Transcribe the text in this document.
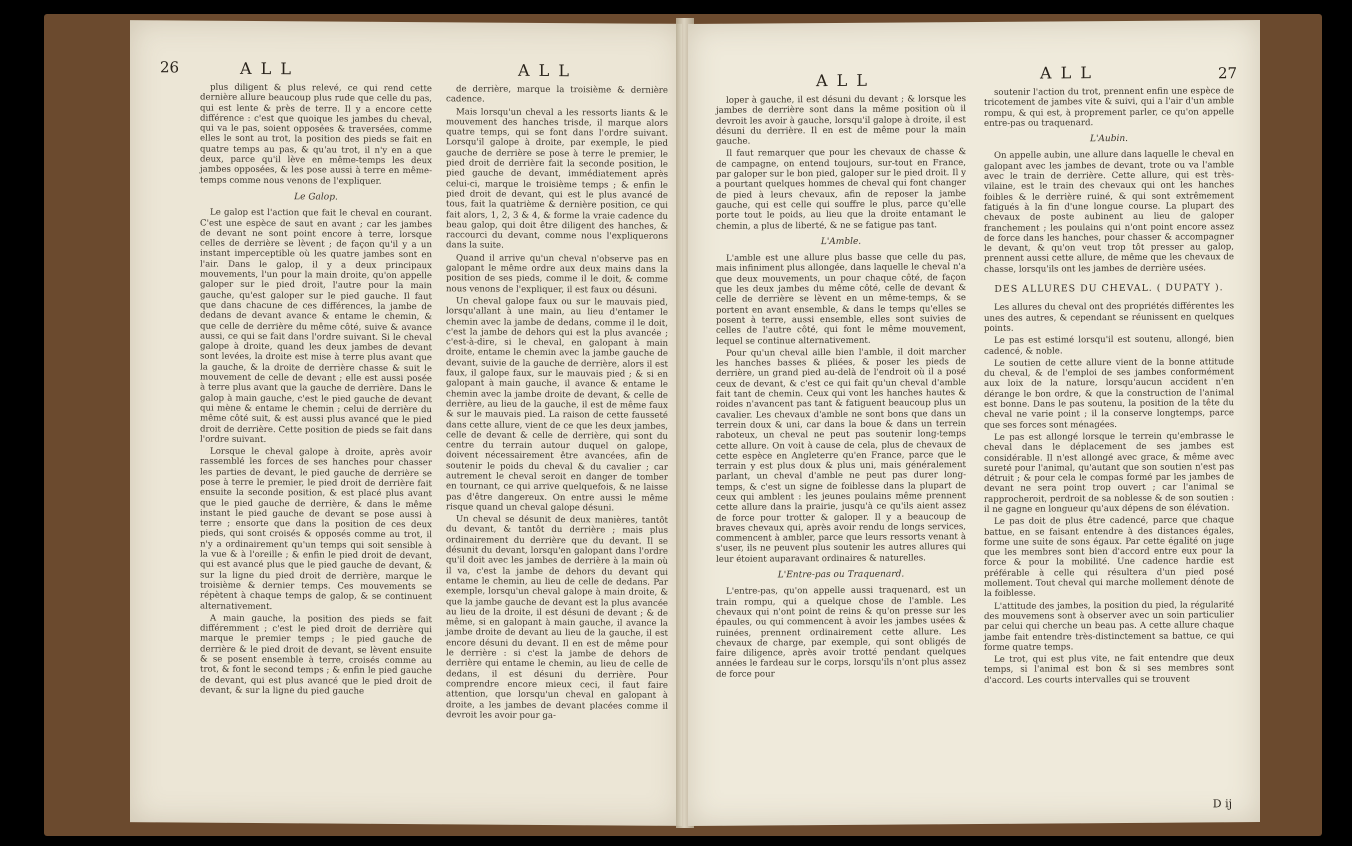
26	A L L	A L L

plus diligent & plus relevé, ce qui rend cette dernière allure beaucoup plus rude que celle du pas, qui est lente & près de terre. Il y a encore cette différence : c'est que quoique les jambes du cheval, qui va le pas, soient opposées & traversées, comme elles le sont au trot, la position des pieds se fait en quatre temps au pas, & qu'au trot, il n'y en a que deux, parce qu'il lève en même-temps les deux jambes opposées, & les pose aussi à terre en même-temps comme nous venons de l'expliquer.

Le Galop.

Le galop est l'action que fait le cheval en courant. C'est une espèce de saut en avant ; car les jambes de devant ne sont point encore à terre, lorsque celles de derrière se lèvent ; de façon qu'il y a un instant imperceptible où les quatre jambes sont en l'air. Dans le galop, il y a deux principaux mouvements, l'un pour la main droite, qu'on appelle galoper sur le pied droit, l'autre pour la main gauche, qu'est galoper sur le pied gauche. Il faut que dans chacune de ces différences, la jambe de dedans de devant avance & entame le chemin, & que celle de derrière du même côté, suive & avance aussi, ce qui se fait dans l'ordre suivant. Si le cheval galope à droite, quand les deux jambes de devant sont levées, la droite est mise à terre plus avant que la gauche, & la droite de derrière chasse & suit le mouvement de celle de devant ; elle est aussi posée à terre plus avant que la gauche de derrière. Dans le galop à main gauche, c'est le pied gauche de devant qui mène & entame le chemin ; celui de derrière du même côté suit, & est aussi plus avancé que le pied droit de derrière. Cette position de pieds se fait dans l'ordre suivant.

Lorsque le cheval galope à droite, après avoir rassemblé les forces de ses hanches pour chasser les parties de devant, le pied gauche de derrière se pose à terre le premier, le pied droit de derrière fait ensuite la seconde position, & est placé plus avant que le pied gauche de derrière, & dans le même instant le pied gauche de devant se pose aussi à terre ; ensorte que dans la position de ces deux pieds, qui sont croisés & opposés comme au trot, il n'y a ordinairement qu'un temps qui soit sensible à la vue & à l'oreille ; & enfin le pied droit de devant, qui est avancé plus que le pied gauche de devant, & sur la ligne du pied droit de derrière, marque le troisième & dernier temps. Ces mouvements se répètent à chaque temps de galop, & se continuent alternativement.

A main gauche, la position des pieds se fait différemment ; c'est le pied droit de derrière qui marque le premier temps ; le pied gauche de derrière & le pied droit de devant, se lèvent ensuite & se posent ensemble à terre, croisés comme au trot, & font le second temps ; & enfin le pied gauche de devant, qui est plus avancé que le pied droit de devant, & sur la ligne du pied gauche

de derrière, marque la troisième & dernière cadence.

Mais lorsqu'un cheval a les ressorts liants & le mouvement des hanches trisde, il marque alors quatre temps, qui se font dans l'ordre suivant. Lorsqu'il galope à droite, par exemple, le pied gauche de derrière se pose à terre le premier, le pied droit de derrière fait la seconde position, le pied gauche de devant, immédiatement après celui-ci, marque le troisième temps ; & enfin le pied droit de devant, qui est le plus avancé de tous, fait la quatrième & dernière position, ce qui fait alors, 1, 2, 3 & 4, & forme la vraie cadence du beau galop, qui doit être diligent des hanches, & raccourci du devant, comme nous l'expliquerons dans la suite.

Quand il arrive qu'un cheval n'observe pas en galopant le même ordre aux deux mains dans la position de ses pieds, comme il le doit, & comme nous venons de l'expliquer, il est faux ou désuni.

Un cheval galope faux ou sur le mauvais pied, lorsqu'allant à une main, au lieu d'entamer le chemin avec la jambe de dedans, comme il le doit, c'est la jambe de dehors qui est la plus avancée ; c'est-à-dire, si le cheval, en galopant à main droite, entame le chemin avec la jambe gauche de devant, suivie de la gauche de derrière, alors il est faux, il galope faux, sur le mauvais pied ; & si en galopant à main gauche, il avance & entame le chemin avec la jambe droite de devant, & celle de derrière, au lieu de la gauche, il est de même faux & sur le mauvais pied. La raison de cette fausseté dans cette allure, vient de ce que les deux jambes, celle de devant & celle de derrière, qui sont du centre du terrain autour duquel on galope, doivent nécessairement être avancées, afin de soutenir le poids du cheval & du cavalier ; car autrement le cheval seroit en danger de tomber en tournant, ce qui arrive quelquefois, & ne laisse pas d'être dangereux. On entre aussi le même risque quand un cheval galope désuni.

Un cheval se désunit de deux manières, tantôt du devant, & tantôt du derrière ; mais plus ordinairement du derrière que du devant. Il se désunit du devant, lorsqu'en galopant dans l'ordre qu'il doit avec les jambes de derrière à la main où il va, c'est la jambe de dehors du devant qui entame le chemin, au lieu de celle de dedans. Par exemple, lorsqu'un cheval galope à main droite, & que la jambe gauche de devant est la plus avancée au lieu de la droite, il est désuni de devant ; & de même, si en galopant à main gauche, il avance la jambe droite de devant au lieu de la gauche, il est encore désuni du devant. Il en est de même pour le derrière : si c'est la jambe de dehors de derrière qui entame le chemin, au lieu de celle de dedans, il est désuni du derrière. Pour comprendre encore mieux ceci, il faut faire attention, que lorsqu'un cheval en galopant à droite, a les jambes de devant placées comme il devroit les avoir pour ga-

A L L	A L L	27

loper à gauche, il est désuni du devant ; & lorsque les jambes de derrière sont dans la même position où il devroit les avoir à gauche, lorsqu'il galope à droite, il est désuni du derrière. Il en est de même pour la main gauche.

Il faut remarquer que pour les chevaux de chasse & de campagne, on entend toujours, sur-tout en France, par galoper sur le bon pied, galoper sur le pied droit. Il y a pourtant quelques hommes de cheval qui font changer de pied à leurs chevaux, afin de reposer la jambe gauche, qui est celle qui souffre le plus, parce qu'elle porte tout le poids, au lieu que la droite entamant le chemin, a plus de liberté, & ne se fatigue pas tant.

L'Amble.

L'amble est une allure plus basse que celle du pas, mais infiniment plus allongée, dans laquelle le cheval n'a que deux mouvements, un pour chaque côté, de façon que les deux jambes du même côté, celle de devant & celle de derrière se lèvent en un même-temps, & se portent en avant ensemble, & dans le temps qu'elles se posent à terre, aussi ensemble, elles sont suivies de celles de l'autre côté, qui font le même mouvement, lequel se continue alternativement.

Pour qu'un cheval aille bien l'amble, il doit marcher les hanches basses & pliées, & poser les pieds de derrière, un grand pied au-delà de l'endroit où il a posé ceux de devant, & c'est ce qui fait qu'un cheval d'amble fait tant de chemin. Ceux qui vont les hanches hautes & roides n'avancent pas tant & fatiguent beaucoup plus un cavalier. Les chevaux d'amble ne sont bons que dans un terrein doux & uni, car dans la boue & dans un terrein raboteux, un cheval ne peut pas soutenir long-temps cette allure. On voit à cause de cela, plus de chevaux de cette espèce en Angleterre qu'en France, parce que le terrain y est plus doux & plus uni, mais généralement parlant, un cheval d'amble ne peut pas durer long-temps, & c'est un signe de foiblesse dans la plupart de ceux qui amblent : les jeunes poulains même prennent cette allure dans la prairie, jusqu'à ce qu'ils aient assez de force pour trotter & galoper. Il y a beaucoup de braves chevaux qui, après avoir rendu de longs services, commencent à ambler, parce que leurs ressorts venant à s'user, ils ne peuvent plus soutenir les autres allures qui leur étoient auparavant ordinaires & naturelles.

L'Entre-pas ou Traquenard.

L'entre-pas, qu'on appelle aussi traquenard, est un train rompu, qui a quelque chose de l'amble. Les chevaux qui n'ont point de reins & qu'on presse sur les épaules, ou qui commencent à avoir les jambes usées & ruinées, prennent ordinairement cette allure. Les chevaux de charge, par exemple, qui sont obligés de faire diligence, après avoir trotté pendant quelques années le fardeau sur le corps, lorsqu'ils n'ont plus assez de force pour

soutenir l'action du trot, prennent enfin une espèce de tricotement de jambes vite & suivi, qui a l'air d'un amble rompu, & qui est, à proprement parler, ce qu'on appelle entre-pas ou traquenard.

L'Aubin.

On appelle aubin, une allure dans laquelle le cheval en galopant avec les jambes de devant, trote ou va l'amble avec le train de derrière. Cette allure, qui est très-vilaine, est le train des chevaux qui ont les hanches foibles & le derrière ruiné, & qui sont extrêmement fatigués à la fin d'une longue course. La plupart des chevaux de poste aubinent au lieu de galoper franchement ; les poulains qui n'ont point encore assez de force dans les hanches, pour chasser & accompagner le devant, & qu'on veut trop tôt presser au galop, prennent aussi cette allure, de même que les chevaux de chasse, lorsqu'ils ont les jambes de derrière usées.

DES ALLURES DU CHEVAL. ( DUPATY ).

Les allures du cheval ont des propriétés différentes les unes des autres, & cependant se réunissent en quelques points.

Le pas est estimé lorsqu'il est soutenu, allongé, bien cadencé, & noble.

Le soutien de cette allure vient de la bonne attitude du cheval, & de l'emploi de ses jambes conformément aux loix de la nature, lorsqu'aucun accident n'en dérange le bon ordre, & que la construction de l'animal est bonne. Dans le pas soutenu, la position de la tête du cheval ne varie point ; il la conserve longtemps, parce que ses forces sont ménagées.

Le pas est allongé lorsque le terrein qu'embrasse le cheval dans le déplacement de ses jambes est considérable. Il n'est allongé avec grace, & même avec sureté pour l'animal, qu'autant que son soutien n'est pas détruit ; & pour cela le compas formé par les jambes de devant ne sera point trop ouvert ; car l'animal se rapprocheroit, perdroit de sa noblesse & de son soutien : il ne gagne en longueur qu'aux dépens de son élévation.

Le pas doit de plus être cadencé, parce que chaque battue, en se faisant entendre à des distances égales, forme une suite de sons égaux. Par cette égalité on juge que les membres sont bien d'accord entre eux pour la force & pour la mobilité. Une cadence hardie est préférable à celle qui résultera d'un pied posé mollement. Tout cheval qui marche mollement dénote de la foiblesse.

L'attitude des jambes, la position du pied, la régularité des mouvemens sont à observer avec un soin particulier par celui qui cherche un beau pas. A cette allure chaque jambe fait entendre très-distinctement sa battue, ce qui forme quatre temps.

Le trot, qui est plus vite, ne fait entendre que deux temps, si l'animal est bon & si ses membres sont d'accord. Les courts intervalles qui se trouvent

D ij
